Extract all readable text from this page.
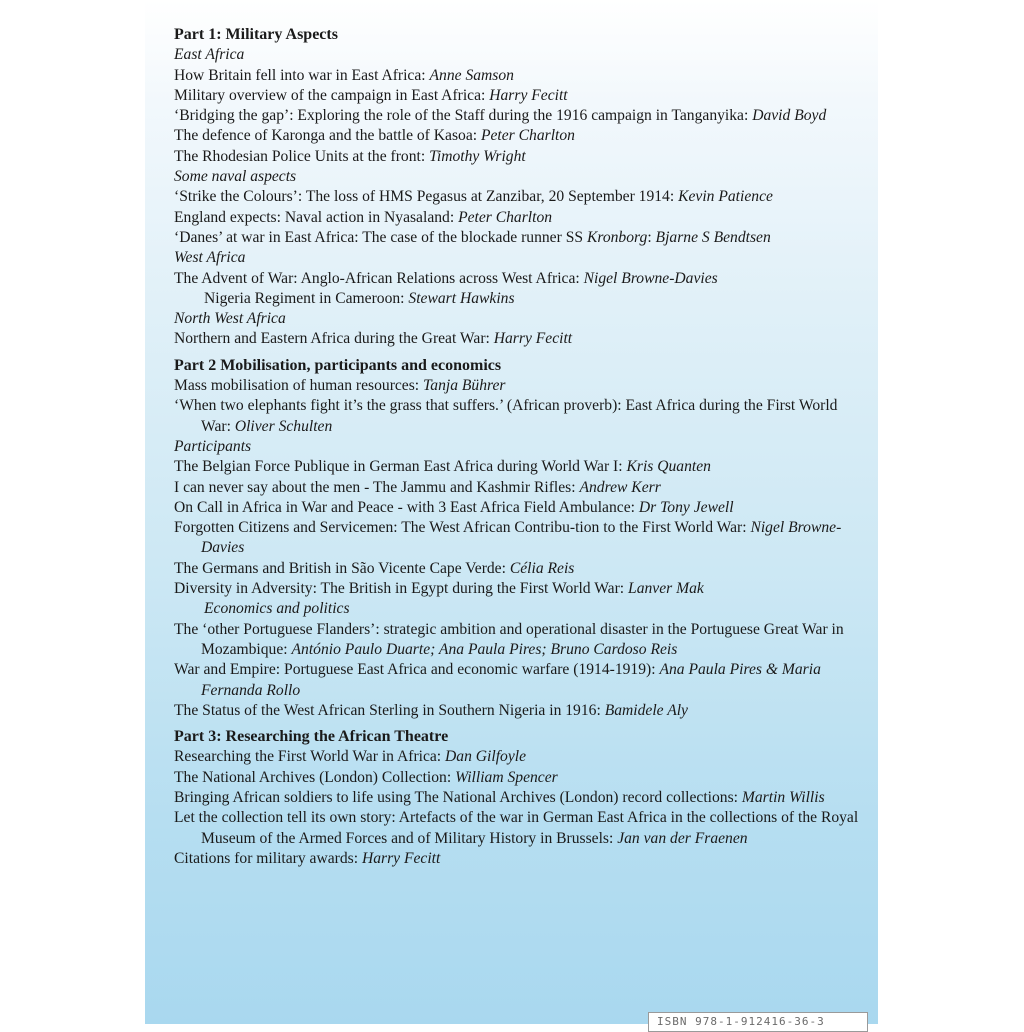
Part 1: Military Aspects
East Africa
How Britain fell into war in East Africa: Anne Samson
Military overview of the campaign in East Africa: Harry Fecitt
‘Bridging the gap’: Exploring the role of the Staff during the 1916 campaign in Tanganyika: David Boyd
The defence of Karonga and the battle of Kasoa: Peter Charlton
The Rhodesian Police Units at the front: Timothy Wright
Some naval aspects
‘Strike the Colours’: The loss of HMS Pegasus at Zanzibar, 20 September 1914: Kevin Patience
England expects: Naval action in Nyasaland: Peter Charlton
‘Danes’ at war in East Africa: The case of the blockade runner SS Kronborg: Bjarne S Bendtsen
West Africa
The Advent of War: Anglo-African Relations across West Africa: Nigel Browne-Davies
Nigeria Regiment in Cameroon: Stewart Hawkins
North West Africa
Northern and Eastern Africa during the Great War: Harry Fecitt
Part 2 Mobilisation, participants and economics
Mass mobilisation of human resources: Tanja Bührer
‘When two elephants fight it’s the grass that suffers.’ (African proverb): East Africa during the First World War: Oliver Schulten
Participants
The Belgian Force Publique in German East Africa during World War I: Kris Quanten
I can never say about the men - The Jammu and Kashmir Rifles: Andrew Kerr
On Call in Africa in War and Peace - with 3 East Africa Field Ambulance: Dr Tony Jewell
Forgotten Citizens and Servicemen: The West African Contribu-tion to the First World War: Nigel Browne-Davies
The Germans and British in São Vicente Cape Verde: Célia Reis
Diversity in Adversity: The British in Egypt during the First World War: Lanver Mak
Economics and politics
The ‘other Portuguese Flanders’: strategic ambition and operational disaster in the Portuguese Great War in Mozambique: António Paulo Duarte; Ana Paula Pires; Bruno Cardoso Reis
War and Empire: Portuguese East Africa and economic warfare (1914-1919): Ana Paula Pires & Maria Fernanda Rollo
The Status of the West African Sterling in Southern Nigeria in 1916: Bamidele Aly
Part 3: Researching the African Theatre
Researching the First World War in Africa: Dan Gilfoyle
The National Archives (London) Collection: William Spencer
Bringing African soldiers to life using The National Archives (London) record collections: Martin Willis
Let the collection tell its own story: Artefacts of the war in German East Africa in the collections of the Royal Museum of the Armed Forces and of Military History in Brussels: Jan van der Fraenen
Citations for military awards: Harry Fecitt
ISBN 978-1-912416-36-3
